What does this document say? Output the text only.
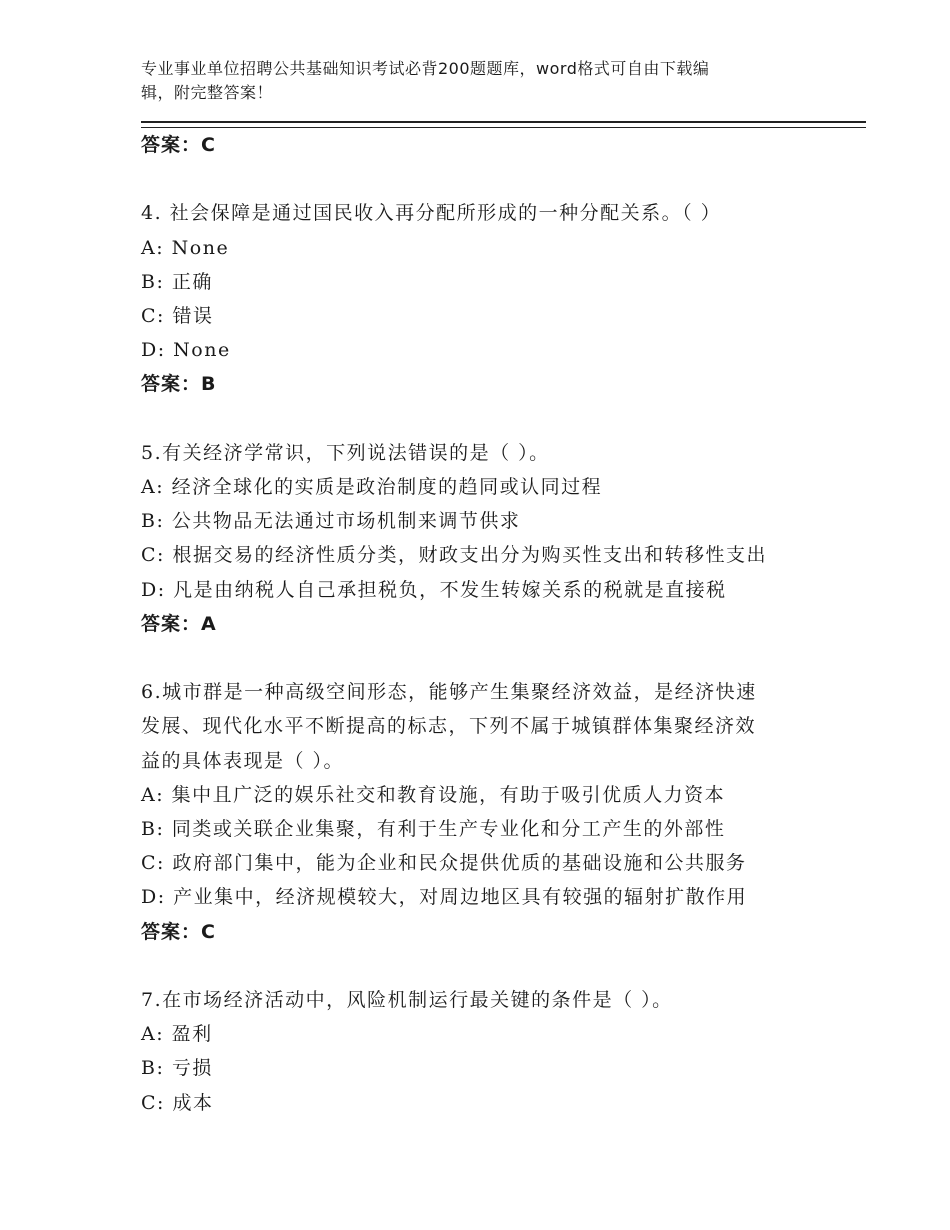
专业事业单位招聘公共基础知识考试必背200题题库，word格式可自由下载编
辑，附完整答案！
答案：C
4. 社会保障是通过国民收入再分配所形成的一种分配关系。（ ）
A: None
B: 正确
C: 错误
D: None
答案：B
5.有关经济学常识，下列说法错误的是（ ）。
A: 经济全球化的实质是政治制度的趋同或认同过程
B: 公共物品无法通过市场机制来调节供求
C: 根据交易的经济性质分类，财政支出分为购买性支出和转移性支出
D: 凡是由纳税人自己承担税负，不发生转嫁关系的税就是直接税
答案：A
6.城市群是一种高级空间形态，能够产生集聚经济效益，是经济快速
发展、现代化水平不断提高的标志，下列不属于城镇群体集聚经济效
益的具体表现是（ ）。
A: 集中且广泛的娱乐社交和教育设施，有助于吸引优质人力资本
B: 同类或关联企业集聚，有利于生产专业化和分工产生的外部性
C: 政府部门集中，能为企业和民众提供优质的基础设施和公共服务
D: 产业集中，经济规模较大，对周边地区具有较强的辐射扩散作用
答案：C
7.在市场经济活动中，风险机制运行最关键的条件是（ ）。
A: 盈利
B: 亏损
C: 成本
